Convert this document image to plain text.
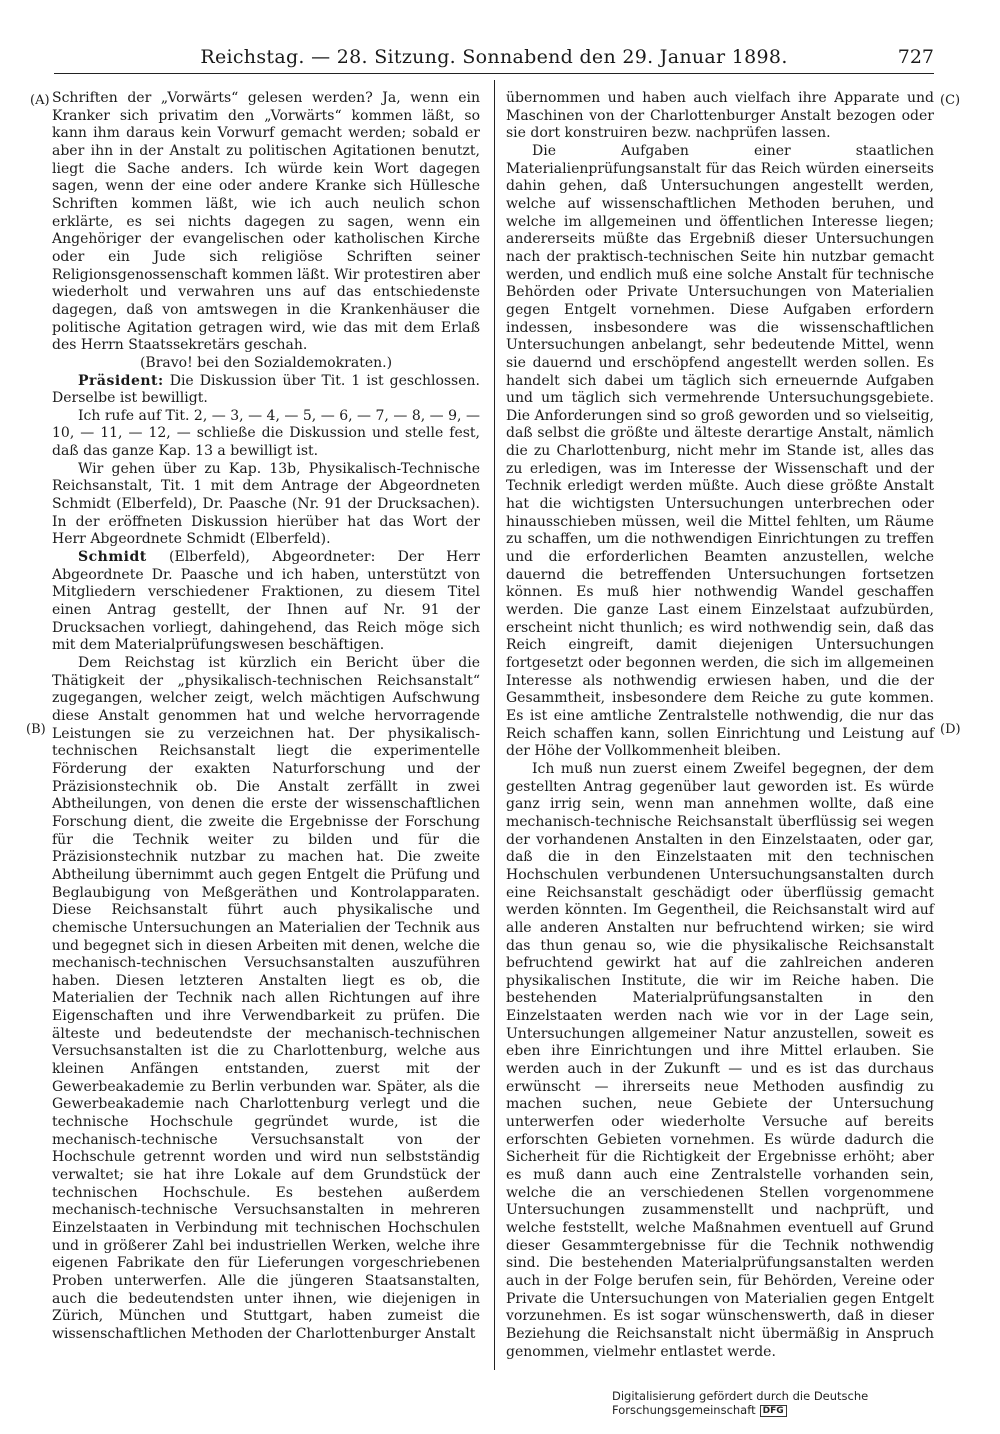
Reichstag. — 28. Sitzung. Sonnabend den 29. Januar 1898.	727
(A)
(B)
(C)
(D)

Schriften der „Vorwärts“ gelesen werden? Ja, wenn ein Kranker sich privatim den „Vorwärts“ kommen läßt, so kann ihm daraus kein Vorwurf gemacht werden; sobald er aber ihn in der Anstalt zu politischen Agitationen benutzt, liegt die Sache anders. Ich würde kein Wort dagegen sagen, wenn der eine oder andere Kranke sich Hüllesche Schriften kommen läßt, wie ich auch neulich schon erklärte, es sei nichts dagegen zu sagen, wenn ein Angehöriger der evangelischen oder katholischen Kirche oder ein Jude sich religiöse Schriften seiner Religionsgenossenschaft kommen läßt. Wir protestiren aber wiederholt und verwahren uns auf das entschiedenste dagegen, daß von amtswegen in die Krankenhäuser die politische Agitation getragen wird, wie das mit dem Erlaß des Herrn Staatssekretärs geschah.

(Bravo! bei den Sozialdemokraten.)

Präsident: Die Diskussion über Tit. 1 ist geschlossen. Derselbe ist bewilligt.

Ich rufe auf Tit. 2, — 3, — 4, — 5, — 6, — 7, — 8, — 9, — 10, — 11, — 12, — schließe die Diskussion und stelle fest, daß das ganze Kap. 13 a bewilligt ist.

Wir gehen über zu Kap. 13b, Physikalisch-Technische Reichsanstalt, Tit. 1 mit dem Antrage der Abgeordneten Schmidt (Elberfeld), Dr. Paasche (Nr. 91 der Drucksachen). In der eröffneten Diskussion hierüber hat das Wort der Herr Abgeordnete Schmidt (Elberfeld).

Schmidt (Elberfeld), Abgeordneter: Der Herr Abgeordnete Dr. Paasche und ich haben, unterstützt von Mitgliedern verschiedener Fraktionen, zu diesem Titel einen Antrag gestellt, der Ihnen auf Nr. 91 der Drucksachen vorliegt, dahingehend, das Reich möge sich mit dem Materialprüfungswesen beschäftigen.

Dem Reichstag ist kürzlich ein Bericht über die Thätigkeit der „physikalisch-technischen Reichsanstalt“ zugegangen, welcher zeigt, welch mächtigen Aufschwung diese Anstalt genommen hat und welche hervorragende Leistungen sie zu verzeichnen hat. Der physikalisch-technischen Reichsanstalt liegt die experimentelle Förderung der exakten Naturforschung und der Präzisionstechnik ob. Die Anstalt zerfällt in zwei Abtheilungen, von denen die erste der wissenschaftlichen Forschung dient, die zweite die Ergebnisse der Forschung für die Technik weiter zu bilden und für die Präzisionstechnik nutzbar zu machen hat. Die zweite Abtheilung übernimmt auch gegen Entgelt die Prüfung und Beglaubigung von Meßgeräthen und Kontrolapparaten. Diese Reichsanstalt führt auch physikalische und chemische Untersuchungen an Materialien der Technik aus und begegnet sich in diesen Arbeiten mit denen, welche die mechanisch-technischen Versuchsanstalten auszuführen haben. Diesen letzteren Anstalten liegt es ob, die Materialien der Technik nach allen Richtungen auf ihre Eigenschaften und ihre Verwendbarkeit zu prüfen. Die älteste und bedeutendste der mechanisch-technischen Versuchsanstalten ist die zu Charlottenburg, welche aus kleinen Anfängen entstanden, zuerst mit der Gewerbeakademie zu Berlin verbunden war. Später, als die Gewerbeakademie nach Charlottenburg verlegt und die technische Hochschule gegründet wurde, ist die mechanisch-technische Versuchsanstalt von der Hochschule getrennt worden und wird nun selbstständig verwaltet; sie hat ihre Lokale auf dem Grundstück der technischen Hochschule. Es bestehen außerdem mechanisch-technische Versuchsanstalten in mehreren Einzelstaaten in Verbindung mit technischen Hochschulen und in größerer Zahl bei industriellen Werken, welche ihre eigenen Fabrikate den für Lieferungen vorgeschriebenen Proben unterwerfen. Alle die jüngeren Staatsanstalten, auch die bedeutendsten unter ihnen, wie diejenigen in Zürich, München und Stuttgart, haben zumeist die wissenschaftlichen Methoden der Charlottenburger Anstalt

übernommen und haben auch vielfach ihre Apparate und Maschinen von der Charlottenburger Anstalt bezogen oder sie dort konstruiren bezw. nachprüfen lassen.

Die Aufgaben einer staatlichen Materialienprüfungsanstalt für das Reich würden einerseits dahin gehen, daß Untersuchungen angestellt werden, welche auf wissenschaftlichen Methoden beruhen, und welche im allgemeinen und öffentlichen Interesse liegen; andererseits müßte das Ergebniß dieser Untersuchungen nach der praktisch-technischen Seite hin nutzbar gemacht werden, und endlich muß eine solche Anstalt für technische Behörden oder Private Untersuchungen von Materialien gegen Entgelt vornehmen. Diese Aufgaben erfordern indessen, insbesondere was die wissenschaftlichen Untersuchungen anbelangt, sehr bedeutende Mittel, wenn sie dauernd und erschöpfend angestellt werden sollen. Es handelt sich dabei um täglich sich erneuernde Aufgaben und um täglich sich vermehrende Untersuchungsgebiete. Die Anforderungen sind so groß geworden und so vielseitig, daß selbst die größte und älteste derartige Anstalt, nämlich die zu Charlottenburg, nicht mehr im Stande ist, alles das zu erledigen, was im Interesse der Wissenschaft und der Technik erledigt werden müßte. Auch diese größte Anstalt hat die wichtigsten Untersuchungen unterbrechen oder hinausschieben müssen, weil die Mittel fehlten, um Räume zu schaffen, um die nothwendigen Einrichtungen zu treffen und die erforderlichen Beamten anzustellen, welche dauernd die betreffenden Untersuchungen fortsetzen können. Es muß hier nothwendig Wandel geschaffen werden. Die ganze Last einem Einzelstaat aufzubürden, erscheint nicht thunlich; es wird nothwendig sein, daß das Reich eingreift, damit diejenigen Untersuchungen fortgesetzt oder begonnen werden, die sich im allgemeinen Interesse als nothwendig erwiesen haben, und die der Gesammtheit, insbesondere dem Reiche zu gute kommen. Es ist eine amtliche Zentralstelle nothwendig, die nur das Reich schaffen kann, sollen Einrichtung und Leistung auf der Höhe der Vollkommenheit bleiben.

Ich muß nun zuerst einem Zweifel begegnen, der dem gestellten Antrag gegenüber laut geworden ist. Es würde ganz irrig sein, wenn man annehmen wollte, daß eine mechanisch-technische Reichsanstalt überflüssig sei wegen der vorhandenen Anstalten in den Einzelstaaten, oder gar, daß die in den Einzelstaaten mit den technischen Hochschulen verbundenen Untersuchungsanstalten durch eine Reichsanstalt geschädigt oder überflüssig gemacht werden könnten. Im Gegentheil, die Reichsanstalt wird auf alle anderen Anstalten nur befruchtend wirken; sie wird das thun genau so, wie die physikalische Reichsanstalt befruchtend gewirkt hat auf die zahlreichen anderen physikalischen Institute, die wir im Reiche haben. Die bestehenden Materialprüfungsanstalten in den Einzelstaaten werden nach wie vor in der Lage sein, Untersuchungen allgemeiner Natur anzustellen, soweit es eben ihre Einrichtungen und ihre Mittel erlauben. Sie werden auch in der Zukunft — und es ist das durchaus erwünscht — ihrerseits neue Methoden ausfindig zu machen suchen, neue Gebiete der Untersuchung unterwerfen oder wiederholte Versuche auf bereits erforschten Gebieten vornehmen. Es würde dadurch die Sicherheit für die Richtigkeit der Ergebnisse erhöht; aber es muß dann auch eine Zentralstelle vorhanden sein, welche die an verschiedenen Stellen vorgenommene Untersuchungen zusammenstellt und nachprüft, und welche feststellt, welche Maßnahmen eventuell auf Grund dieser Gesammtergebnisse für die Technik nothwendig sind. Die bestehenden Materialprüfungsanstalten werden auch in der Folge berufen sein, für Behörden, Vereine oder Private die Untersuchungen von Materialien gegen Entgelt vorzunehmen. Es ist sogar wünschenswerth, daß in dieser Beziehung die Reichsanstalt nicht übermäßig in Anspruch genommen, vielmehr entlastet werde.

Digitalisierung gefördert durch die Deutsche Forschungsgemeinschaft DFG
